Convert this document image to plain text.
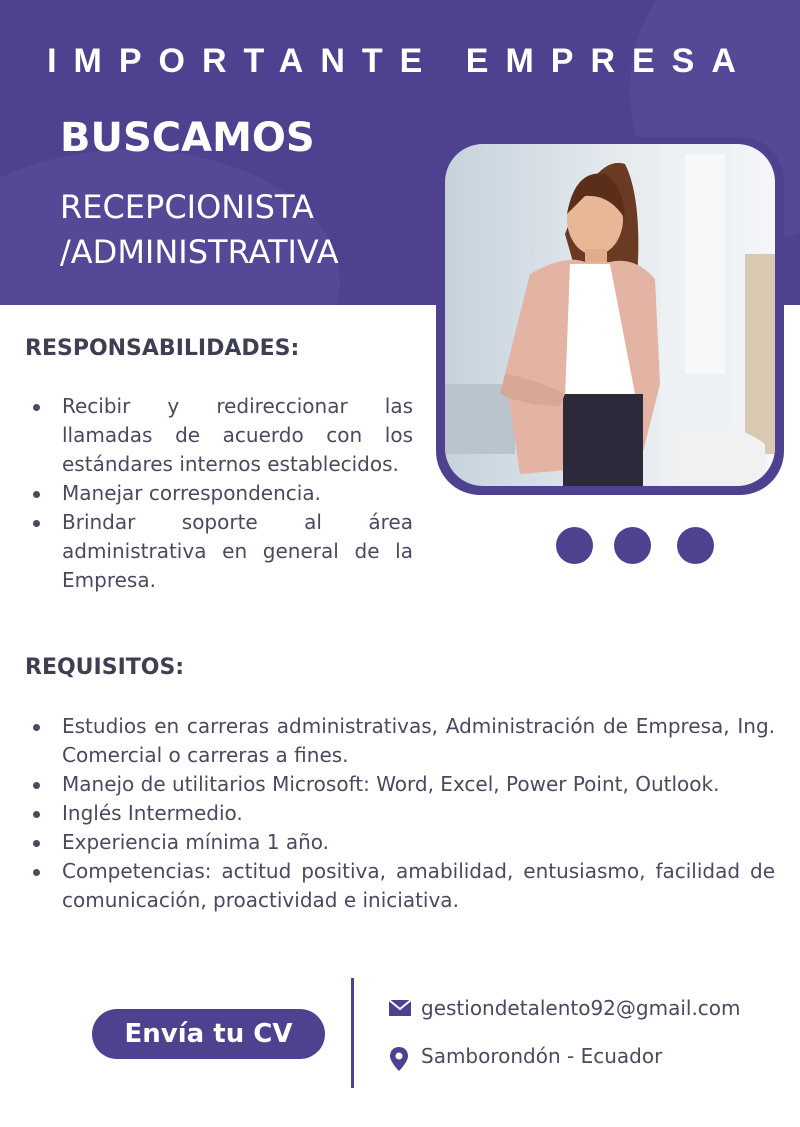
IMPORTANTE EMPRESA
BUSCAMOS
RECEPCIONISTA
/ADMINISTRATIVA
RESPONSABILIDADES:
Recibir y redireccionar las llamadas de acuerdo con los estándares internos establecidos.
Manejar correspondencia.
Brindar soporte al área administrativa en general de la Empresa.
REQUISITOS:
Estudios en carreras administrativas, Administración de Empresa, Ing. Comercial o carreras a fines.
Manejo de utilitarios Microsoft: Word, Excel, Power Point, Outlook.
Inglés Intermedio.
Experiencia mínima 1 año.
Competencias: actitud positiva, amabilidad, entusiasmo, facilidad de comunicación, proactividad e iniciativa.
Envía tu CV
gestiondetalento92@gmail.com
Samborondón - Ecuador
